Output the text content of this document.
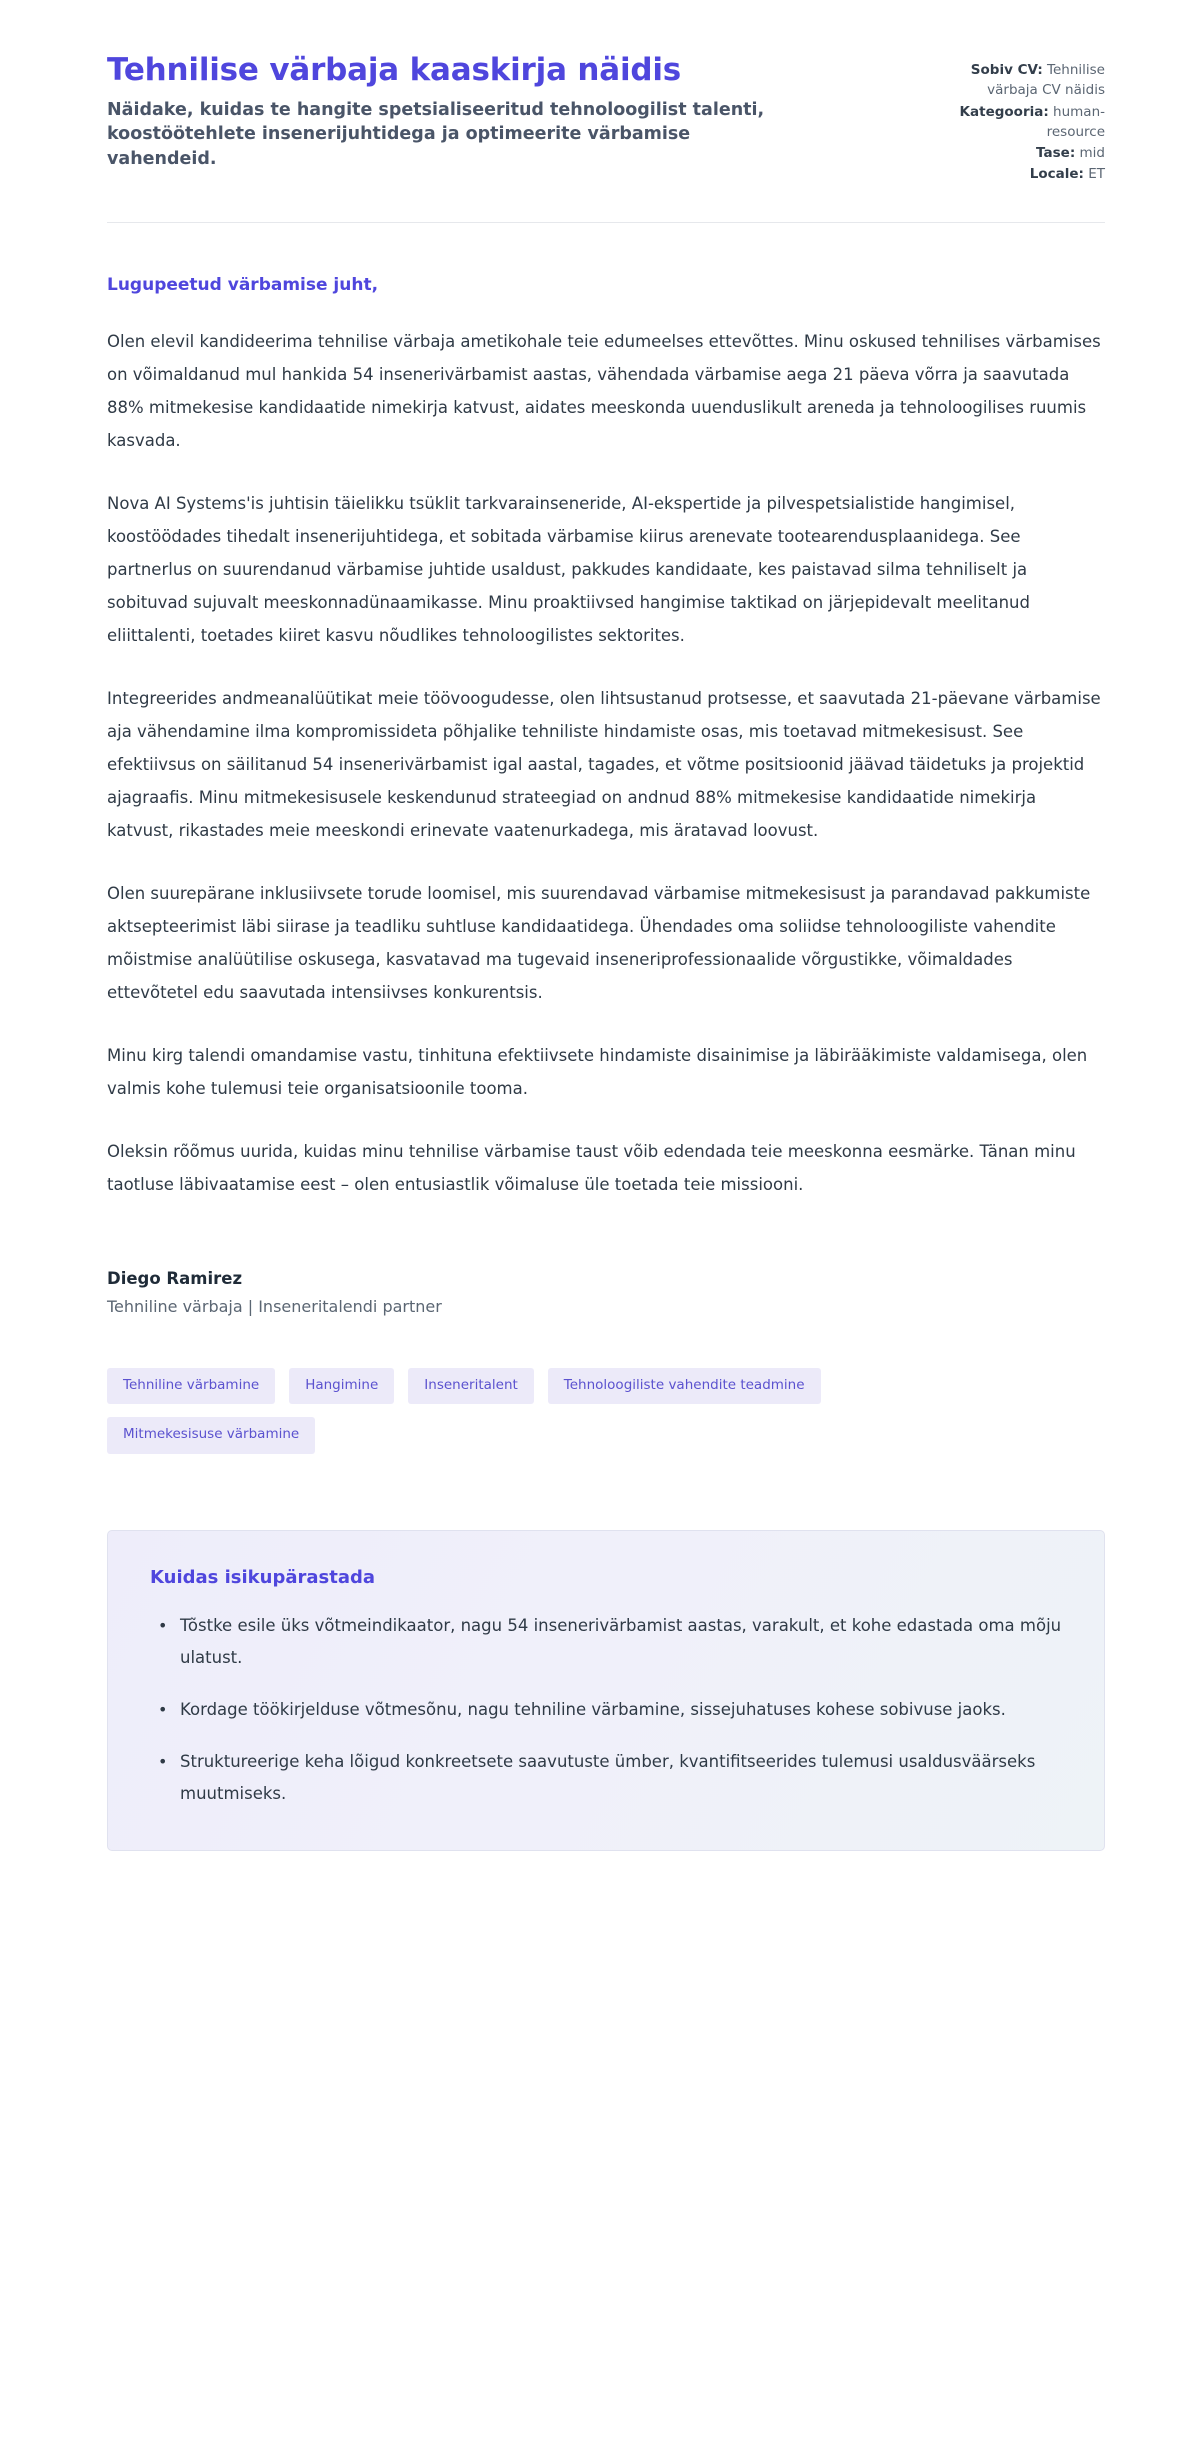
Tehnilise värbaja kaaskirja näidis

Näidake, kuidas te hangite spetsialiseeritud tehnoloogilist talenti, koostöötehlete insenerijuhtidega ja optimeerite värbamise vahendeid.

Sobiv CV: Tehnilise värbaja CV näidis
Kategooria: human-resource
Tase: mid
Locale: ET

Lugupeetud värbamise juht,

Olen elevil kandideerima tehnilise värbaja ametikohale teie edumeelses ettevõttes. Minu oskused tehnilises värbamises on võimaldanud mul hankida 54 insenerivärbamist aastas, vähendada värbamise aega 21 päeva võrra ja saavutada 88% mitmekesise kandidaatide nimekirja katvust, aidates meeskonda uuenduslikult areneda ja tehnoloogilises ruumis kasvada.

Nova AI Systems'is juhtisin täielikku tsüklit tarkvarainseneride, AI-ekspertide ja pilvespetsialistide hangimisel, koostöödades tihedalt insenerijuhtidega, et sobitada värbamise kiirus arenevate tootearendusplaanidega. See partnerlus on suurendanud värbamise juhtide usaldust, pakkudes kandidaate, kes paistavad silma tehniliselt ja sobituvad sujuvalt meeskonnadünaamikasse. Minu proaktiivsed hangimise taktikad on järjepidevalt meelitanud eliittalenti, toetades kiiret kasvu nõudlikes tehnoloogilistes sektorites.

Integreerides andmeanalüütikat meie töövoogudesse, olen lihtsustanud protsesse, et saavutada 21-päevane värbamise aja vähendamine ilma kompromissideta põhjalike tehniliste hindamiste osas, mis toetavad mitmekesisust. See efektiivsus on säilitanud 54 insenerivärbamist igal aastal, tagades, et võtme positsioonid jäävad täidetuks ja projektid ajagraafis. Minu mitmekesisusele keskendunud strateegiad on andnud 88% mitmekesise kandidaatide nimekirja katvust, rikastades meie meeskondi erinevate vaatenurkadega, mis äratavad loovust.

Olen suurepärane inklusiivsete torude loomisel, mis suurendavad värbamise mitmekesisust ja parandavad pakkumiste aktsepteerimist läbi siirase ja teadliku suhtluse kandidaatidega. Ühendades oma soliidse tehnoloogiliste vahendite mõistmise analüütilise oskusega, kasvatavad ma tugevaid inseneriprofessionaalide võrgustikke, võimaldades ettevõtetel edu saavutada intensiivses konkurentsis.

Minu kirg talendi omandamise vastu, tinhituna efektiivsete hindamiste disainimise ja läbirääkimiste valdamisega, olen valmis kohe tulemusi teie organisatsioonile tooma.

Oleksin rõõmus uurida, kuidas minu tehnilise värbamise taust võib edendada teie meeskonna eesmärke. Tänan minu taotluse läbivaatamise eest – olen entusiastlik võimaluse üle toetada teie missiooni.

Diego Ramirez

Tehniline värbaja | Inseneritalendi partner

Tehniline värbamine	Hangimine	Inseneritalent	Tehnoloogiliste vahendite teadmine
Mitmekesisuse värbamine
Kuidas isikupärastada
• Tõstke esile üks võtmeindikaator, nagu 54 insenerivärbamist aastas, varakult, et kohe edastada oma mõju ulatust.
• Kordage töökirjelduse võtmesõnu, nagu tehniline värbamine, sissejuhatuses kohese sobivuse jaoks.
• Struktureerige keha lõigud konkreetsete saavutuste ümber, kvantifitseerides tulemusi usaldusväärseks muutmiseks.
